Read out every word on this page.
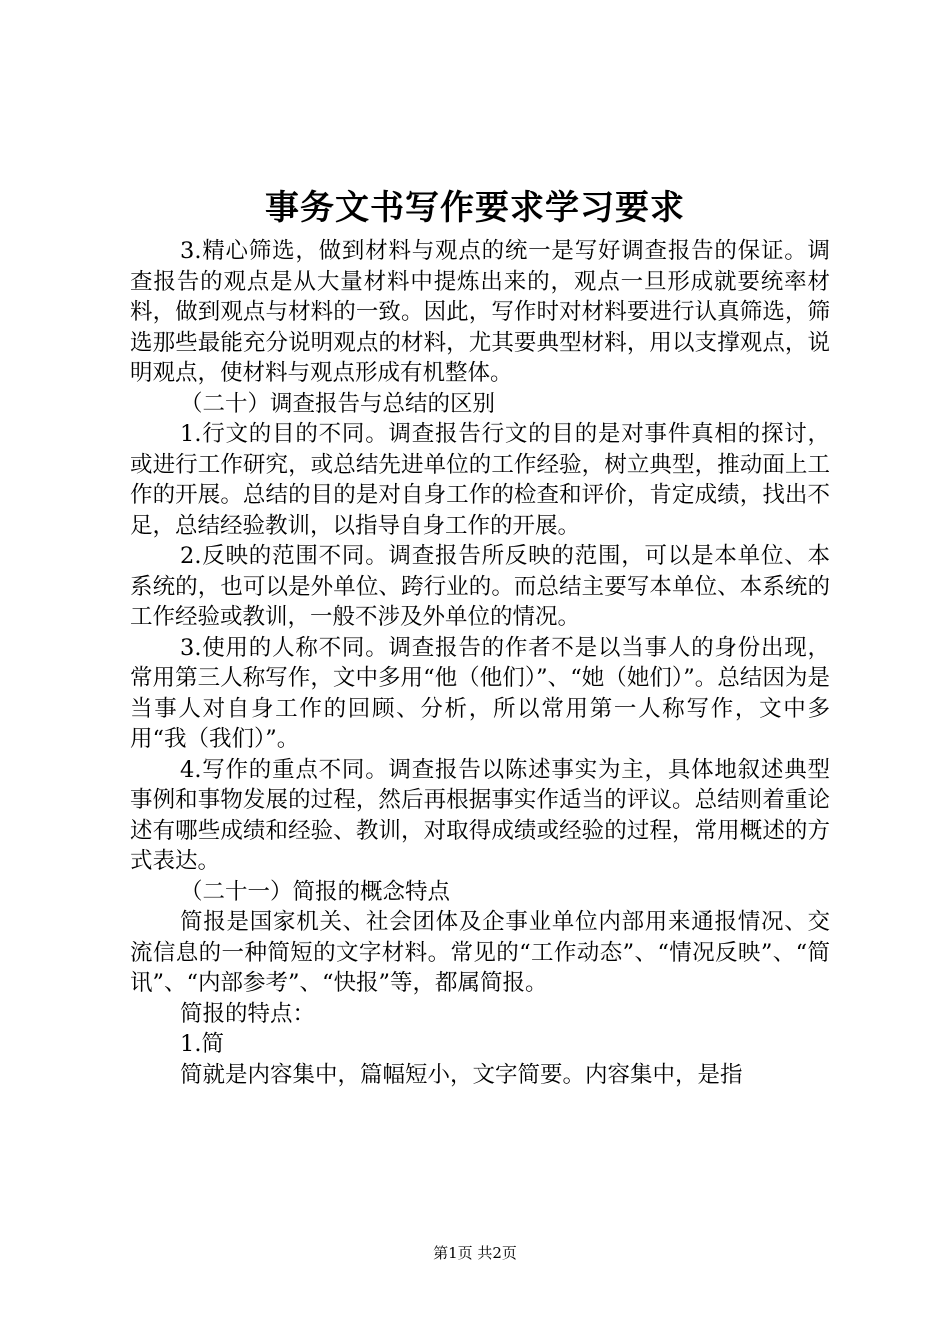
事务文书写作要求学习要求

3.精心筛选，做到材料与观点的统一是写好调查报告的保证。调查报告的观点是从大量材料中提炼出来的，观点一旦形成就要统率材料，做到观点与材料的一致。因此，写作时对材料要进行认真筛选，筛选那些最能充分说明观点的材料，尤其要典型材料，用以支撑观点，说明观点，使材料与观点形成有机整体。

（二十）调查报告与总结的区别

1.行文的目的不同。调查报告行文的目的是对事件真相的探讨，或进行工作研究，或总结先进单位的工作经验，树立典型，推动面上工作的开展。总结的目的是对自身工作的检查和评价，肯定成绩，找出不足，总结经验教训，以指导自身工作的开展。

2.反映的范围不同。调查报告所反映的范围，可以是本单位、本系统的，也可以是外单位、跨行业的。而总结主要写本单位、本系统的工作经验或教训，一般不涉及外单位的情况。

3.使用的人称不同。调查报告的作者不是以当事人的身份出现，常用第三人称写作，文中多用“他（他们）”、“她（她们）”。总结因为是当事人对自身工作的回顾、分析，所以常用第一人称写作，文中多用“我（我们）”。

4.写作的重点不同。调查报告以陈述事实为主，具体地叙述典型事例和事物发展的过程，然后再根据事实作适当的评议。总结则着重论述有哪些成绩和经验、教训，对取得成绩或经验的过程，常用概述的方式表达。

（二十一）简报的概念特点

简报是国家机关、社会团体及企事业单位内部用来通报情况、交流信息的一种简短的文字材料。常见的“工作动态”、“情况反映”、“简讯”、“内部参考”、“快报”等，都属简报。

简报的特点：

1.简

简就是内容集中，篇幅短小，文字简要。内容集中，是指

第1页 共2页
